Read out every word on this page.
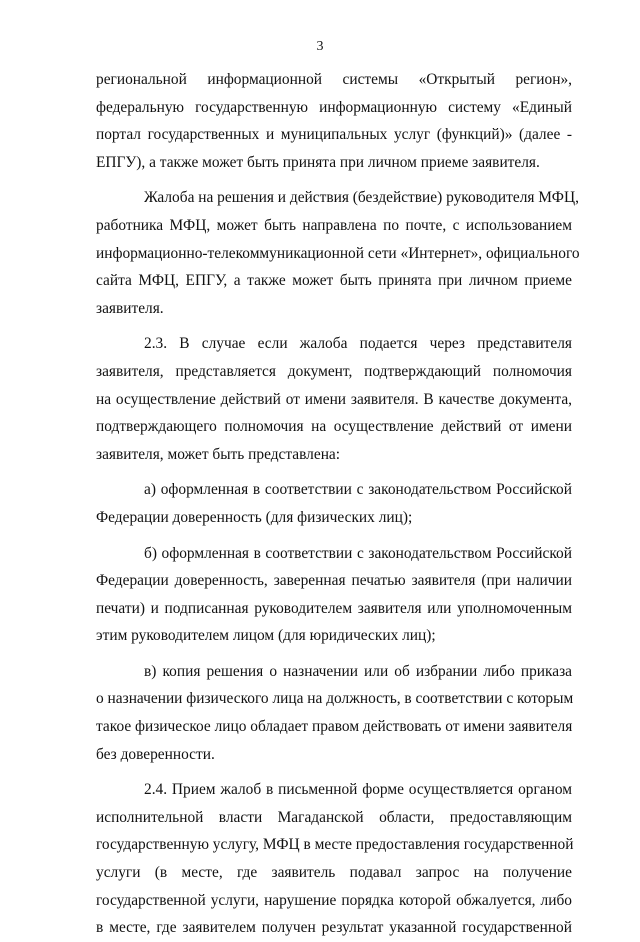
3
региональной информационной системы «Открытый регион»,
федеральную государственную информационную систему «Единый
портал государственных и муниципальных услуг (функций)» (далее -
ЕПГУ), а также может быть принята при личном приеме заявителя.
Жалоба на решения и действия (бездействие) руководителя МФЦ,
работника МФЦ, может быть направлена по почте, с использованием
информационно-телекоммуникационной сети «Интернет», официального
сайта МФЦ, ЕПГУ, а также может быть принята при личном приеме
заявителя.
2.3. В случае если жалоба подается через представителя
заявителя, представляется документ, подтверждающий полномочия
на осуществление действий от имени заявителя. В качестве документа,
подтверждающего полномочия на осуществление действий от имени
заявителя, может быть представлена:
а) оформленная в соответствии с законодательством Российской
Федерации доверенность (для физических лиц);
б) оформленная в соответствии с законодательством Российской
Федерации доверенность, заверенная печатью заявителя (при наличии
печати) и подписанная руководителем заявителя или уполномоченным
этим руководителем лицом (для юридических лиц);
в) копия решения о назначении или об избрании либо приказа
о назначении физического лица на должность, в соответствии с которым
такое физическое лицо обладает правом действовать от имени заявителя
без доверенности.
2.4. Прием жалоб в письменной форме осуществляется органом
исполнительной власти Магаданской области, предоставляющим
государственную услугу, МФЦ в месте предоставления государственной
услуги (в месте, где заявитель подавал запрос на получение
государственной услуги, нарушение порядка которой обжалуется, либо
в месте, где заявителем получен результат указанной государственной
